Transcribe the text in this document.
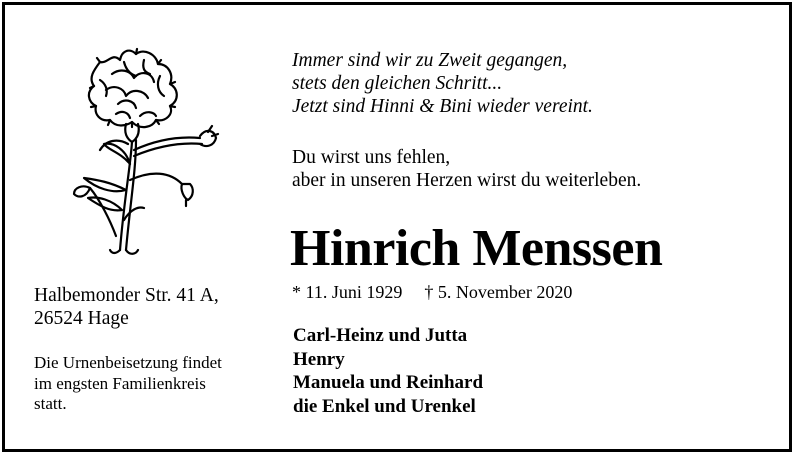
Immer sind wir zu Zweit gegangen,
stets den gleichen Schritt...
Jetzt sind Hinni & Bini wieder vereint.
Du wirst uns fehlen,
aber in unseren Herzen wirst du weiterleben.
Hinrich Menssen
* 11. Juni 1929 † 5. November 2020
Carl-Heinz und Jutta
Henry
Manuela und Reinhard
die Enkel und Urenkel
Halbemonder Str. 41 A,
26524 Hage
Die Urnenbeisetzung findet
im engsten Familienkreis
statt.
